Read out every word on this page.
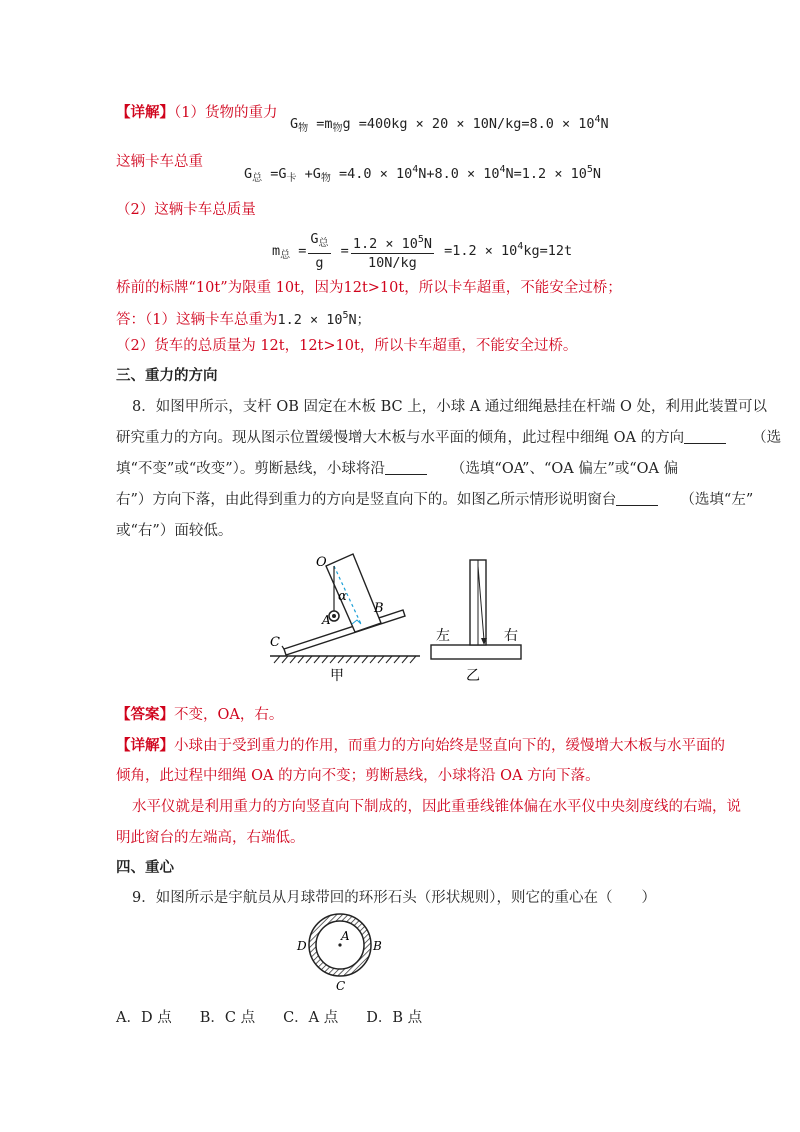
【详解】（1）货物的重力
$G_物 =m_物g =400kg \times 20 \times 10N/kg=8.0 \times 10^4N$
这辆卡车总重
$G_总 =G_卡 +G_物 =4.0 \times 10^4N+8.0 \times 10^4N=1.2 \times 10^5N$
（2）这辆卡车总质量
$m_总 = \frac{G_总}{g} = \frac{1.2 \times 10^5N}{10N/kg} =1.2 \times 10^4kg=12t$
桥前的标牌“10t”为限重 10t，因为12t>10t，所以卡车超重，不能安全过桥；
答：（1）这辆卡车总重为$1.2 \times 10^5N$；
（2）货车的总质量为 12t，12t>10t，所以卡车超重，不能安全过桥。
三、重力的方向
8．如图甲所示，支杆 OB 固定在木板 BC 上，小球 A 通过细绳悬挂在杆端 O 处，利用此装置可以
研究重力的方向。现从图示位置缓慢增大木板与水平面的倾角，此过程中细绳 OA 的方向	（选
填“不变”或“改变”）。剪断悬线，小球将沿	（选填“OA”、“OA 偏左”或“OA 偏
右”）方向下落，由此得到重力的方向是竖直向下的。如图乙所示情形说明窗台	（选填“左”
或“右”）面较低。
O
A
B
C
α
甲
左	右
乙
【答案】不变，OA，右。
【详解】小球由于受到重力的作用，而重力的方向始终是竖直向下的，缓慢增大木板与水平面的
倾角，此过程中细绳 OA 的方向不变；剪断悬线，小球将沿 OA 方向下落。
水平仪就是利用重力的方向竖直向下制成的，因此重垂线锥体偏在水平仪中央刻度线的右端，说
明此窗台的左端高，右端低。
四、重心
9．如图所示是宇航员从月球带回的环形石头（形状规则），则它的重心在（　　）
A
B
C
D
A．D 点 B．C 点 C．A 点 D．B 点
